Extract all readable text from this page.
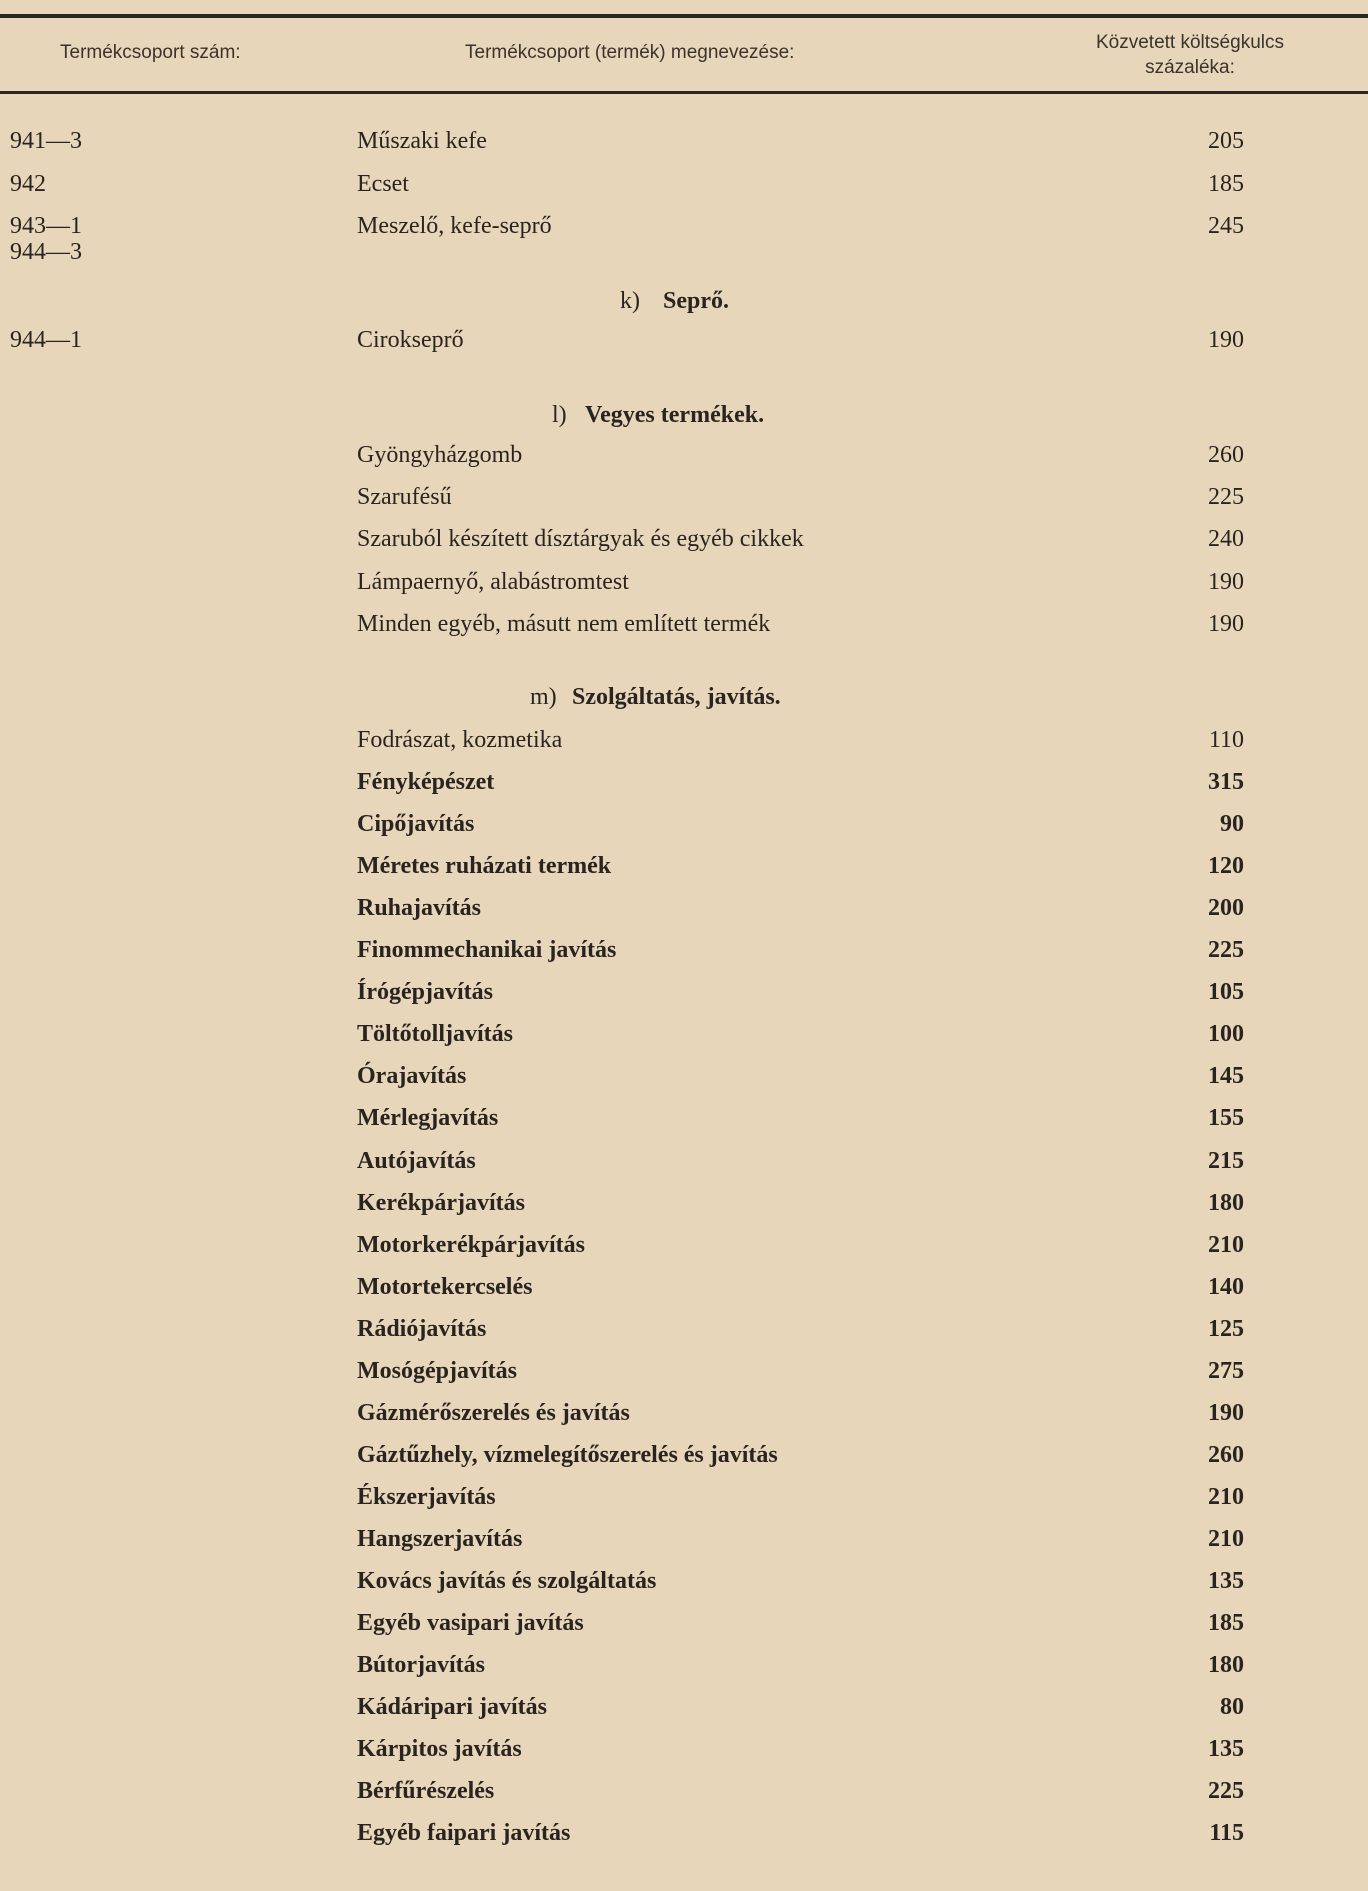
Termékcsoport szám:	Termékcsoport (termék) megnevezése:	Közvetett költségkulcs
százaléka:
941—3	Műszaki kefe	205
942	Ecset	185
943—1
944—3
Meszelő, kefe-seprő	245
k) Seprő.
944—1	Cirokseprő	190
l) Vegyes termékek.
Gyöngyházgomb	260
Szarufésű	225
Szaruból készített dísztárgyak és egyéb cikkek	240
Lámpaernyő, alabástromtest	190
Minden egyéb, másutt nem említett termék	190
m) Szolgáltatás, javítás.
Fodrászat, kozmetika	110
Fényképészet	315
Cipőjavítás	90
Méretes ruházati termék	120
Ruhajavítás	200
Finommechanikai javítás	225
Írógépjavítás	105
Töltőtolljavítás	100
Órajavítás	145
Mérlegjavítás	155
Autójavítás	215
Kerékpárjavítás	180
Motorkerékpárjavítás	210
Motortekercselés	140
Rádiójavítás	125
Mosógépjavítás	275
Gázmérőszerelés és javítás	190
Gáztűzhely, vízmelegítőszerelés és javítás	260
Ékszerjavítás	210
Hangszerjavítás	210
Kovács javítás és szolgáltatás	135
Egyéb vasipari javítás	185
Bútorjavítás	180
Kádáripari javítás	80
Kárpitos javítás	135
Bérfűrészelés	225
Egyéb faipari javítás	115
